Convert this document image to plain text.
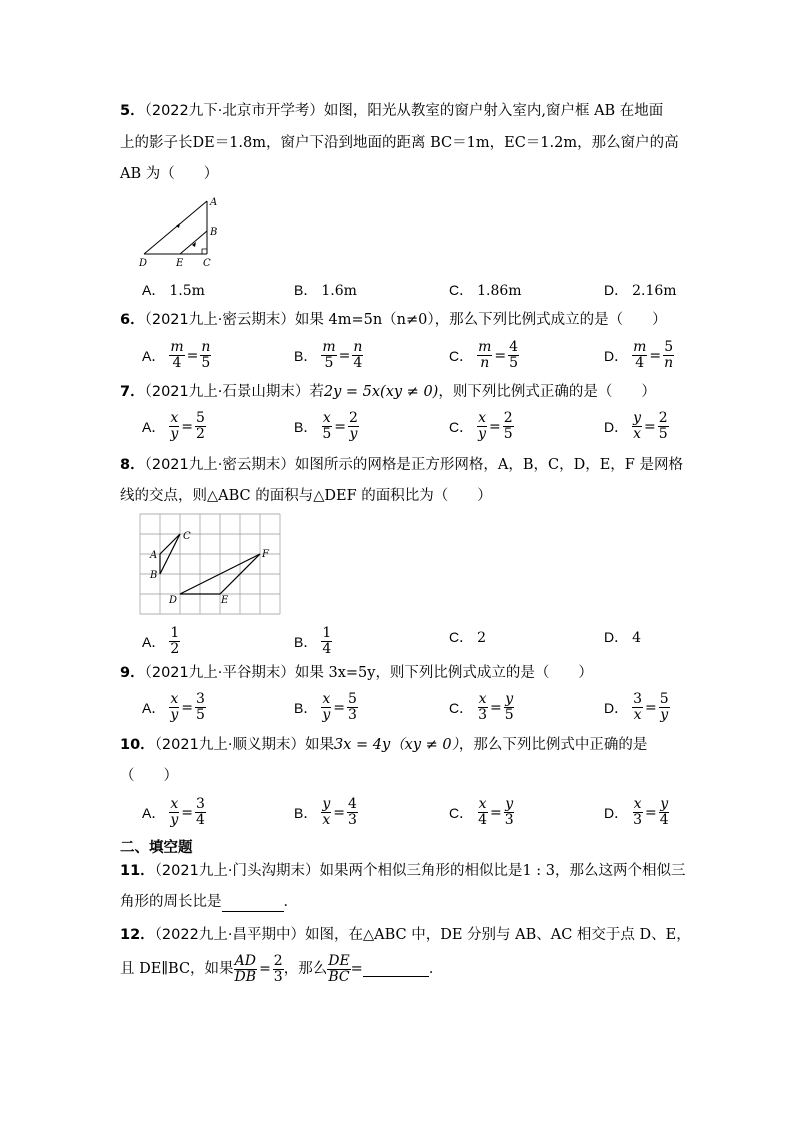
5．（2022九下·北京市开学考）如图，阳光从教室的窗户射入室内,窗户框 AB 在地面
上的影子长DE＝1.8m，窗户下沿到地面的距离 BC＝1m，EC＝1.2m，那么窗户的高
AB 为（　　）
A
B
C
D	E
A． 1.5m	B． 1.6m	C． 1.86m	D． 2.16m
6．（2021九上·密云期末）如果 4m=5n（n≠0），那么下列比例式成立的是（　　）
A． $\frac{m}{4} = \frac{n}{5}$	B． $\frac{m}{5} = \frac{n}{4}$	C． $\frac{m}{n} = \frac{4}{5}$	D． $\frac{m}{4} = \frac{5}{n}$
7．（2021九上·石景山期末）若2y = 5x(xy ≠ 0)，则下列比例式正确的是（　　）
A． $\frac{x}{y} = \frac{5}{2}$	B． $\frac{x}{5} = \frac{2}{y}$	C． $\frac{x}{y} = \frac{2}{5}$	D． $\frac{y}{x} = \frac{2}{5}$
8．（2021九上·密云期末）如图所示的网格是正方形网格，A，B，C，D，E，F 是网格
线的交点，则△ABC 的面积与△DEF 的面积比为（　　）
A
B
C
D	E
F
A． $\frac{1}{2}$	B． $\frac{1}{4}$	C． 2	D． 4
9．（2021九上·平谷期末）如果 3x=5y，则下列比例式成立的是（　　）
A． $\frac{x}{y} = \frac{3}{5}$	B． $\frac{x}{y} = \frac{5}{3}$	C． $\frac{x}{3} = \frac{y}{5}$	D． $\frac{3}{x} = \frac{5}{y}$
10．（2021九上·顺义期末）如果3x = 4y（xy ≠ 0），那么下列比例式中正确的是
（　　）
A． $\frac{x}{y} = \frac{3}{4}$	B． $\frac{y}{x} = \frac{4}{3}$	C． $\frac{x}{4} = \frac{y}{3}$	D． $\frac{x}{3} = \frac{y}{4}$
二、填空题
11．（2021九上·门头沟期末）如果两个相似三角形的相似比是1 : 3，那么这两个相似三
角形的周长比是	．
12．（2022九上·昌平期中）如图，在△ABC 中，DE 分别与 AB、AC 相交于点 D、E，
且 DE∥BC，如果 $\frac{AD}{DB} = \frac{2}{3}$ ，那么 $\frac{DE}{BC}$ =	．
